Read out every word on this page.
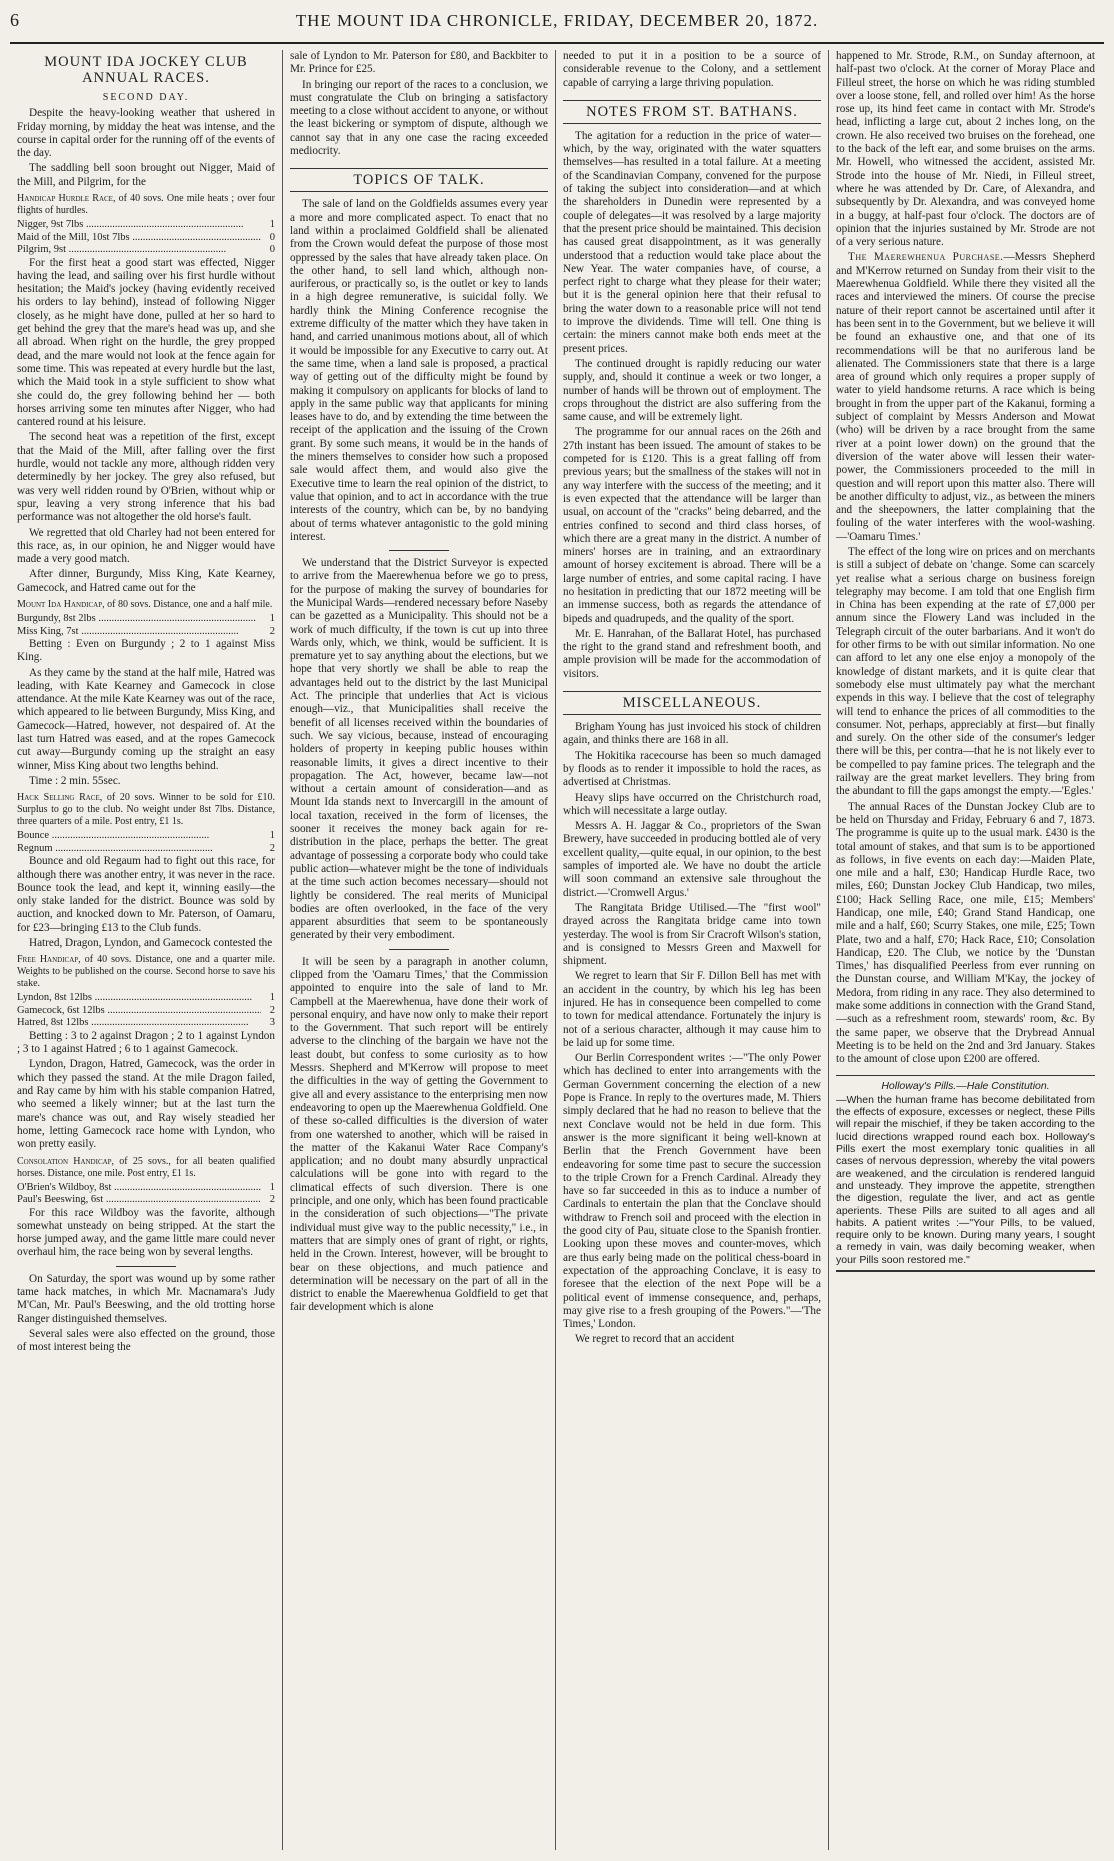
6	THE MOUNT IDA CHRONICLE, FRIDAY, DECEMBER 20, 1872.
MOUNT IDA JOCKEY CLUB ANNUAL RACES.
SECOND DAY.

Despite the heavy-looking weather that ushered in Friday morning, by midday the heat was intense, and the course in capital order for the running off of the events of the day.

The saddling bell soon brought out Nigger, Maid of the Mill, and Pilgrim, for the

Handicap Hurdle Race, of 40 sovs. One mile heats ; over four flights of hurdles.
Nigger, 9st 7lbs .....	1
Maid of the Mill, 10st 7lbs .....	0
Pilgrim, 9st .....	0

For the first heat a good start was effected, Nigger having the lead, and sailing over his first hurdle without hesitation; the Maid's jockey (having evidently received his orders to lay behind), instead of following Nigger closely, as he might have done, pulled at her so hard to get behind the grey that the mare's head was up, and she all abroad. When right on the hurdle, the grey propped dead, and the mare would not look at the fence again for some time. This was repeated at every hurdle but the last, which the Maid took in a style sufficient to show what she could do, the grey following behind her — both horses arriving some ten minutes after Nigger, who had cantered round at his leisure.

The second heat was a repetition of the first, except that the Maid of the Mill, after falling over the first hurdle, would not tackle any more, although ridden very determinedly by her jockey. The grey also refused, but was very well ridden round by O'Brien, without whip or spur, leaving a very strong inference that his bad performance was not altogether the old horse's fault.

We regretted that old Charley had not been entered for this race, as, in our opinion, he and Nigger would have made a very good match.

After dinner, Burgundy, Miss King, Kate Kearney, Gamecock, and Hatred came out for the

Mount Ida Handicap, of 80 sovs. Distance, one and a half mile.
Burgundy, 8st 2lbs .....	1
Miss King, 7st .....	2

Betting : Even on Burgundy ; 2 to 1 against Miss King.

As they came by the stand at the half mile, Hatred was leading, with Kate Kearney and Gamecock in close attendance. At the mile Kate Kearney was out of the race, which appeared to lie between Burgundy, Miss King, and Gamecock—Hatred, however, not despaired of. At the last turn Hatred was eased, and at the ropes Gamecock cut away—Burgundy coming up the straight an easy winner, Miss King about two lengths behind.

Time : 2 min. 55sec.

Hack Selling Race, of 20 sovs. Winner to be sold for £10. Surplus to go to the club. No weight under 8st 7lbs. Distance, three quarters of a mile. Post entry, £1 1s.
Bounce .....	1
Regnum .....	2

Bounce and old Regaum had to fight out this race, for although there was another entry, it was never in the race. Bounce took the lead, and kept it, winning easily—the only stake landed for the district. Bounce was sold by auction, and knocked down to Mr. Paterson, of Oamaru, for £23—bringing £13 to the Club funds.

Hatred, Dragon, Lyndon, and Gamecock contested the

Free Handicap, of 40 sovs. Distance, one and a quarter mile. Weights to be published on the course. Second horse to save his stake.
Lyndon, 8st 12lbs .....	1
Gamecock, 6st 12lbs .....	2
Hatred, 8st 12lbs .....	3

Betting : 3 to 2 against Dragon ; 2 to 1 against Lyndon ; 3 to 1 against Hatred ; 6 to 1 against Gamecock.

Lyndon, Dragon, Hatred, Gamecock, was the order in which they passed the stand. At the mile Dragon failed, and Ray came by him with his stable companion Hatred, who seemed a likely winner; but at the last turn the mare's chance was out, and Ray wisely steadied her home, letting Gamecock race home with Lyndon, who won pretty easily.

Consolation Handicap, of 25 sovs., for all beaten qualified horses. Distance, one mile. Post entry, £1 1s.
O'Brien's Wildboy, 8st .....	1
Paul's Beeswing, 6st .....	2

For this race Wildboy was the favorite, although somewhat unsteady on being stripped. At the start the horse jumped away, and the game little mare could never overhaul him, the race being won by several lengths.

On Saturday, the sport was wound up by some rather tame hack matches, in which Mr. Macnamara's Judy M'Can, Mr. Paul's Beeswing, and the old trotting horse Ranger distinguished themselves.

Several sales were also effected on the ground, those of most interest being the

sale of Lyndon to Mr. Paterson for £80, and Backbiter to Mr. Prince for £25.

In bringing our report of the races to a conclusion, we must congratulate the Club on bringing a satisfactory meeting to a close without accident to anyone, or without the least bickering or symptom of dispute, although we cannot say that in any one case the racing exceeded mediocrity.

TOPICS OF TALK.

The sale of land on the Goldfields assumes every year a more and more complicated aspect. To enact that no land within a proclaimed Goldfield shall be alienated from the Crown would defeat the purpose of those most oppressed by the sales that have already taken place. On the other hand, to sell land which, although non-auriferous, or practically so, is the outlet or key to lands in a high degree remunerative, is suicidal folly. We hardly think the Mining Conference recognise the extreme difficulty of the matter which they have taken in hand, and carried unanimous motions about, all of which it would be impossible for any Executive to carry out. At the same time, when a land sale is proposed, a practical way of getting out of the difficulty might be found by making it compulsory on applicants for blocks of land to apply in the same public way that applicants for mining leases have to do, and by extending the time between the receipt of the application and the issuing of the Crown grant. By some such means, it would be in the hands of the miners themselves to consider how such a proposed sale would affect them, and would also give the Executive time to learn the real opinion of the district, to value that opinion, and to act in accordance with the true interests of the country, which can be, by no bandying about of terms whatever antagonistic to the gold mining interest.

We understand that the District Surveyor is expected to arrive from the Maerewhenua before we go to press, for the purpose of making the survey of boundaries for the Municipal Wards—rendered necessary before Naseby can be gazetted as a Municipality. This should not be a work of much difficulty, if the town is cut up into three Wards only, which, we think, would be sufficient. It is premature yet to say anything about the elections, but we hope that very shortly we shall be able to reap the advantages held out to the district by the last Municipal Act. The principle that underlies that Act is vicious enough—viz., that Municipalities shall receive the benefit of all licenses received within the boundaries of such. We say vicious, because, instead of encouraging holders of property in keeping public houses within reasonable limits, it gives a direct incentive to their propagation. The Act, however, became law—not without a certain amount of consideration—and as Mount Ida stands next to Invercargill in the amount of local taxation, received in the form of licenses, the sooner it receives the money back again for re-distribution in the place, perhaps the better. The great advantage of possessing a corporate body who could take public action—whatever might be the tone of individuals at the time such action becomes necessary—should not lightly be considered. The real merits of Municipal bodies are often overlooked, in the face of the very apparent absurdities that seem to be spontaneously generated by their very embodiment.

It will be seen by a paragraph in another column, clipped from the 'Oamaru Times,' that the Commission appointed to enquire into the sale of land to Mr. Campbell at the Maerewhenua, have done their work of personal enquiry, and have now only to make their report to the Government. That such report will be entirely adverse to the clinching of the bargain we have not the least doubt, but confess to some curiosity as to how Messrs. Shepherd and M'Kerrow will propose to meet the difficulties in the way of getting the Government to give all and every assistance to the enterprising men now endeavoring to open up the Maerewhenua Goldfield. One of these so-called difficulties is the diversion of water from one watershed to another, which will be raised in the matter of the Kakanui Water Race Company's application; and no doubt many absurdly unpractical calculations will be gone into with regard to the climatical effects of such diversion. There is one principle, and one only, which has been found practicable in the consideration of such objections—"The private individual must give way to the public necessity," i.e., in matters that are simply ones of grant of right, or rights, held in the Crown. Interest, however, will be brought to bear on these objections, and much patience and determination will be necessary on the part of all in the district to enable the Maerewhenua Goldfield to get that fair development which is alone

needed to put it in a position to be a source of considerable revenue to the Colony, and a settlement capable of carrying a large thriving population.

NOTES FROM ST. BATHANS.

The agitation for a reduction in the price of water—which, by the way, originated with the water squatters themselves—has resulted in a total failure. At a meeting of the Scandinavian Company, convened for the purpose of taking the subject into consideration—and at which the shareholders in Dunedin were represented by a couple of delegates—it was resolved by a large majority that the present price should be maintained. This decision has caused great disappointment, as it was generally understood that a reduction would take place about the New Year. The water companies have, of course, a perfect right to charge what they please for their water; but it is the general opinion here that their refusal to bring the water down to a reasonable price will not tend to improve the dividends. Time will tell. One thing is certain: the miners cannot make both ends meet at the present prices.

The continued drought is rapidly reducing our water supply, and, should it continue a week or two longer, a number of hands will be thrown out of employment. The crops throughout the district are also suffering from the same cause, and will be extremely light.

The programme for our annual races on the 26th and 27th instant has been issued. The amount of stakes to be competed for is £120. This is a great falling off from previous years; but the smallness of the stakes will not in any way interfere with the success of the meeting; and it is even expected that the attendance will be larger than usual, on account of the "cracks" being debarred, and the entries confined to second and third class horses, of which there are a great many in the district. A number of miners' horses are in training, and an extraordinary amount of horsey excitement is abroad. There will be a large number of entries, and some capital racing. I have no hesitation in predicting that our 1872 meeting will be an immense success, both as regards the attendance of bipeds and quadrupeds, and the quality of the sport.

Mr. E. Hanrahan, of the Ballarat Hotel, has purchased the right to the grand stand and refreshment booth, and ample provision will be made for the accommodation of visitors.

MISCELLANEOUS.

Brigham Young has just invoiced his stock of children again, and thinks there are 168 in all.

The Hokitika racecourse has been so much damaged by floods as to render it impossible to hold the races, as advertised at Christmas.

Heavy slips have occurred on the Christchurch road, which will necessitate a large outlay.

Messrs A. H. Jaggar & Co., proprietors of the Swan Brewery, have succeeded in producing bottled ale of very excellent quality,—quite equal, in our opinion, to the best samples of imported ale. We have no doubt the article will soon command an extensive sale throughout the district.—'Cromwell Argus.'

The Rangitata Bridge Utilised.—The "first wool" drayed across the Rangitata bridge came into town yesterday. The wool is from Sir Cracroft Wilson's station, and is consigned to Messrs Green and Maxwell for shipment.

We regret to learn that Sir F. Dillon Bell has met with an accident in the country, by which his leg has been injured. He has in consequence been compelled to come to town for medical attendance. Fortunately the injury is not of a serious character, although it may cause him to be laid up for some time.

Our Berlin Correspondent writes :—"The only Power which has declined to enter into arrangements with the German Government concerning the election of a new Pope is France. In reply to the overtures made, M. Thiers simply declared that he had no reason to believe that the next Conclave would not be held in due form. This answer is the more significant it being well-known at Berlin that the French Government have been endeavoring for some time past to secure the succession to the triple Crown for a French Cardinal. Already they have so far succeeded in this as to induce a number of Cardinals to entertain the plan that the Conclave should withdraw to French soil and proceed with the election in the good city of Pau, situate close to the Spanish frontier. Looking upon these moves and counter-moves, which are thus early being made on the political chess-board in expectation of the approaching Conclave, it is easy to foresee that the election of the next Pope will be a political event of immense consequence, and, perhaps, may give rise to a fresh grouping of the Powers."—'The Times,' London.

We regret to record that an accident

happened to Mr. Strode, R.M., on Sunday afternoon, at half-past two o'clock. At the corner of Moray Place and Filleul street, the horse on which he was riding stumbled over a loose stone, fell, and rolled over him! As the horse rose up, its hind feet came in contact with Mr. Strode's head, inflicting a large cut, about 2 inches long, on the crown. He also received two bruises on the forehead, one to the back of the left ear, and some bruises on the arms. Mr. Howell, who witnessed the accident, assisted Mr. Strode into the house of Mr. Niedi, in Filleul street, where he was attended by Dr. Care, of Alexandra, and subsequently by Dr. Alexandra, and was conveyed home in a buggy, at half-past four o'clock. The doctors are of opinion that the injuries sustained by Mr. Strode are not of a very serious nature.

The Maerewhenua Purchase.—Messrs Shepherd and M'Kerrow returned on Sunday from their visit to the Maerewhenua Goldfield. While there they visited all the races and interviewed the miners. Of course the precise nature of their report cannot be ascertained until after it has been sent in to the Government, but we believe it will be found an exhaustive one, and that one of its recommendations will be that no auriferous land be alienated. The Commissioners state that there is a large area of ground which only requires a proper supply of water to yield handsome returns. A race which is being brought in from the upper part of the Kakanui, forming a subject of complaint by Messrs Anderson and Mowat (who) will be driven by a race brought from the same river at a point lower down) on the ground that the diversion of the water above will lessen their water-power, the Commissioners proceeded to the mill in question and will report upon this matter also. There will be another difficulty to adjust, viz., as between the miners and the sheepowners, the latter complaining that the fouling of the water interferes with the wool-washing.—'Oamaru Times.'

The effect of the long wire on prices and on merchants is still a subject of debate on 'change. Some can scarcely yet realise what a serious charge on business foreign telegraphy may become. I am told that one English firm in China has been expending at the rate of £7,000 per annum since the Flowery Land was included in the Telegraph circuit of the outer barbarians. And it won't do for other firms to be with out similar information. No one can afford to let any one else enjoy a monopoly of the knowledge of distant markets, and it is quite clear that somebody else must ultimately pay what the merchant expends in this way. I believe that the cost of telegraphy will tend to enhance the prices of all commodities to the consumer. Not, perhaps, appreciably at first—but finally and surely. On the other side of the consumer's ledger there will be this, per contra—that he is not likely ever to be compelled to pay famine prices. The telegraph and the railway are the great market levellers. They bring from the abundant to fill the gaps amongst the empty.—'Egles.'

The annual Races of the Dunstan Jockey Club are to be held on Thursday and Friday, February 6 and 7, 1873. The programme is quite up to the usual mark. £430 is the total amount of stakes, and that sum is to be apportioned as follows, in five events on each day:—Maiden Plate, one mile and a half, £30; Handicap Hurdle Race, two miles, £60; Dunstan Jockey Club Handicap, two miles, £100; Hack Selling Race, one mile, £15; Members' Handicap, one mile, £40; Grand Stand Handicap, one mile and a half, £60; Scurry Stakes, one mile, £25; Town Plate, two and a half, £70; Hack Race, £10; Consolation Handicap, £20. The Club, we notice by the 'Dunstan Times,' has disqualified Peerless from ever running on the Dunstan course, and William M'Kay, the jockey of Medora, from riding in any race. They also determined to make some additions in connection with the Grand Stand,—such as a refreshment room, stewards' room, &c. By the same paper, we observe that the Drybread Annual Meeting is to be held on the 2nd and 3rd January. Stakes to the amount of close upon £200 are offered.

Holloway's Pills.—Hale Constitution.
—When the human frame has become debilitated from the effects of exposure, excesses or neglect, these Pills will repair the mischief, if they be taken according to the lucid directions wrapped round each box. Holloway's Pills exert the most exemplary tonic qualities in all cases of nervous depression, whereby the vital powers are weakened, and the circulation is rendered languid and unsteady. They improve the appetite, strengthen the digestion, regulate the liver, and act as gentle aperients. These Pills are suited to all ages and all habits. A patient writes :—"Your Pills, to be valued, require only to be known. During many years, I sought a remedy in vain, was daily becoming weaker, when your Pills soon restored me."
